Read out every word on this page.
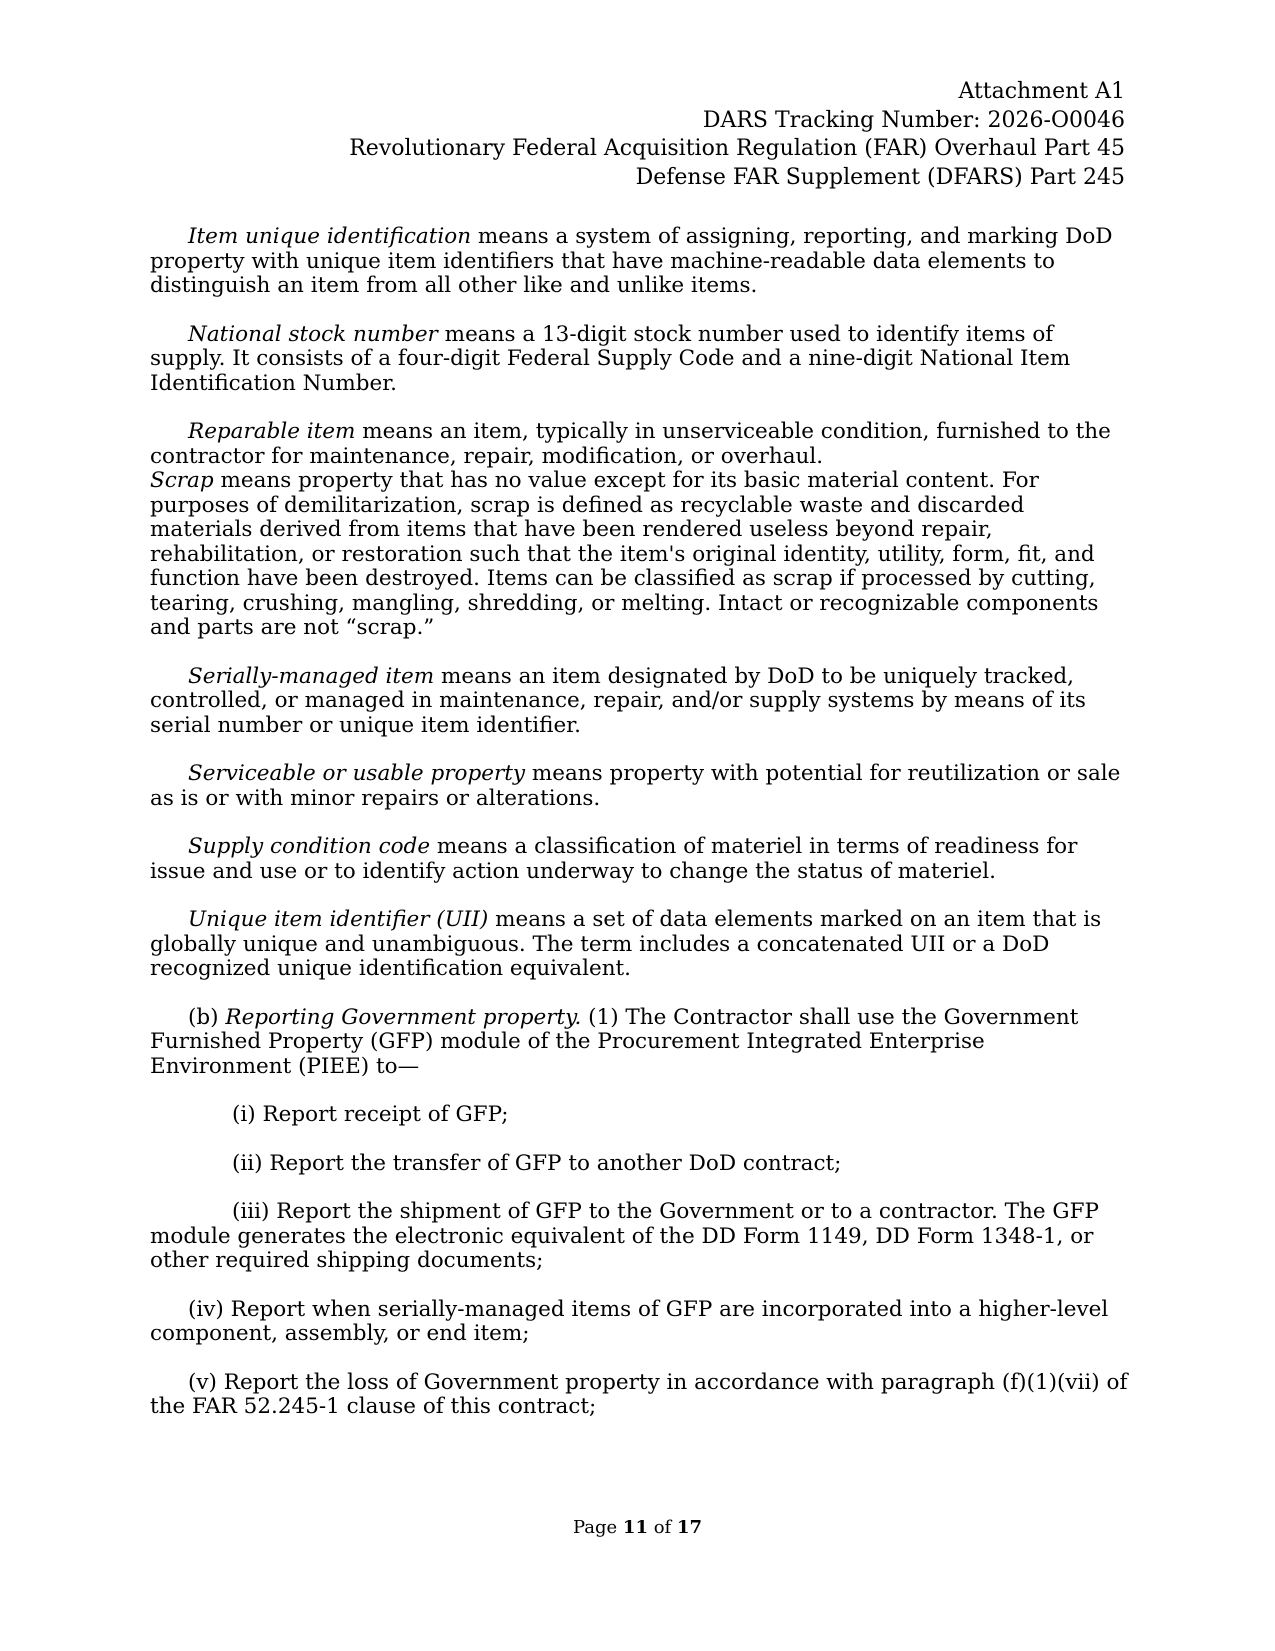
Attachment A1
DARS Tracking Number: 2026-O0046
Revolutionary Federal Acquisition Regulation (FAR) Overhaul Part 45
Defense FAR Supplement (DFARS) Part 245

Item unique identification means a system of assigning, reporting, and marking DoD property with unique item identifiers that have machine-readable data elements to distinguish an item from all other like and unlike items.

National stock number means a 13-digit stock number used to identify items of supply. It consists of a four-digit Federal Supply Code and a nine-digit National Item Identification Number.

Reparable item means an item, typically in unserviceable condition, furnished to the contractor for maintenance, repair, modification, or overhaul.

Scrap means property that has no value except for its basic material content. For purposes of demilitarization, scrap is defined as recyclable waste and discarded materials derived from items that have been rendered useless beyond repair, rehabilitation, or restoration such that the item's original identity, utility, form, fit, and function have been destroyed. Items can be classified as scrap if processed by cutting, tearing, crushing, mangling, shredding, or melting. Intact or recognizable components and parts are not “scrap.”

Serially-managed item means an item designated by DoD to be uniquely tracked, controlled, or managed in maintenance, repair, and/or supply systems by means of its serial number or unique item identifier.

Serviceable or usable property means property with potential for reutilization or sale as is or with minor repairs or alterations.

Supply condition code means a classification of materiel in terms of readiness for issue and use or to identify action underway to change the status of materiel.

Unique item identifier (UII) means a set of data elements marked on an item that is globally unique and unambiguous. The term includes a concatenated UII or a DoD recognized unique identification equivalent.

(b) Reporting Government property. (1) The Contractor shall use the Government Furnished Property (GFP) module of the Procurement Integrated Enterprise Environment (PIEE) to—

(i) Report receipt of GFP;

(ii) Report the transfer of GFP to another DoD contract;

(iii) Report the shipment of GFP to the Government or to a contractor. The GFP module generates the electronic equivalent of the DD Form 1149, DD Form 1348-1, or other required shipping documents;

(iv) Report when serially-managed items of GFP are incorporated into a higher-level component, assembly, or end item;

(v) Report the loss of Government property in accordance with paragraph (f)(1)(vii) of the FAR 52.245-1 clause of this contract;

Page 11 of 17
